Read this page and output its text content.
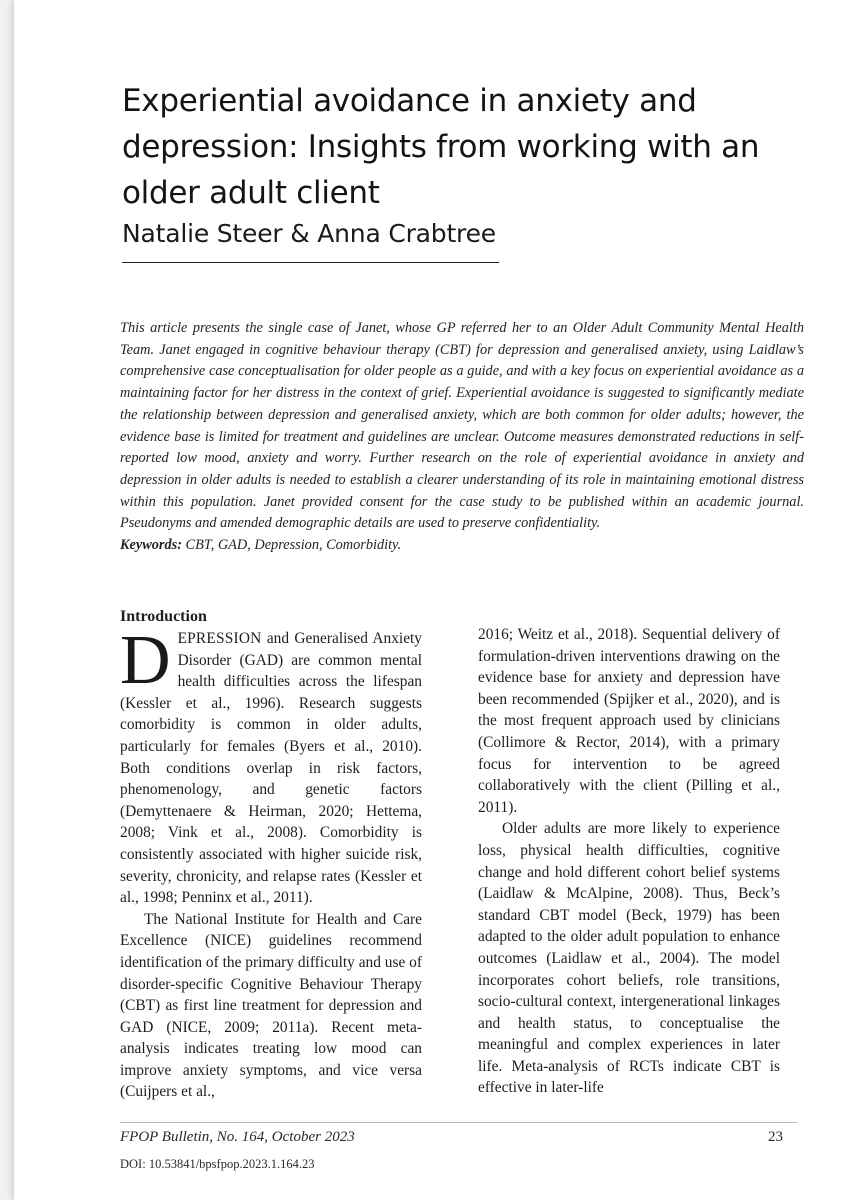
Experiential avoidance in anxiety and depression: Insights from working with an older adult client
Natalie Steer & Anna Crabtree

This article presents the single case of Janet, whose GP referred her to an Older Adult Community Mental Health Team. Janet engaged in cognitive behaviour therapy (CBT) for depression and generalised anxiety, using Laidlaw’s comprehensive case conceptualisation for older people as a guide, and with a key focus on experiential avoidance as a maintaining factor for her distress in the context of grief. Experiential avoidance is suggested to significantly mediate the relationship between depression and generalised anxiety, which are both common for older adults; however, the evidence base is limited for treatment and guidelines are unclear. Outcome measures demonstrated reductions in self-reported low mood, anxiety and worry. Further research on the role of experiential avoidance in anxiety and depression in older adults is needed to establish a clearer understanding of its role in maintaining emotional distress within this population. Janet provided consent for the case study to be published within an academic journal. Pseudonyms and amended demographic details are used to preserve confidentiality.

Keywords: CBT, GAD, Depression, Comorbidity.

Introduction

DEPRESSION and Generalised Anxiety Disorder (GAD) are common mental health difficulties across the lifespan (Kessler et al., 1996). Research suggests comorbidity is common in older adults, particularly for females (Byers et al., 2010). Both conditions overlap in risk factors, phenomenology, and genetic factors (Demyttenaere & Heirman, 2020; Hettema, 2008; Vink et al., 2008). Comorbidity is consistently associated with higher suicide risk, severity, chronicity, and relapse rates (Kessler et al., 1998; Penninx et al., 2011).

The National Institute for Health and Care Excellence (NICE) guidelines recommend identification of the primary difficulty and use of disorder-specific Cognitive Behaviour Therapy (CBT) as first line treatment for depression and GAD (NICE, 2009; 2011a). Recent meta-analysis indicates treating low mood can improve anxiety symptoms, and vice versa (Cuijpers et al.,

2016; Weitz et al., 2018). Sequential delivery of formulation-driven interventions drawing on the evidence base for anxiety and depression have been recommended (Spijker et al., 2020), and is the most frequent approach used by clinicians (Collimore & Rector, 2014), with a primary focus for intervention to be agreed collaboratively with the client (Pilling et al., 2011).

Older adults are more likely to experience loss, physical health difficulties, cognitive change and hold different cohort belief systems (Laidlaw & McAlpine, 2008). Thus, Beck’s standard CBT model (Beck, 1979) has been adapted to the older adult population to enhance outcomes (Laidlaw et al., 2004). The model incorporates cohort beliefs, role transitions, socio-cultural context, intergenerational linkages and health status, to conceptualise the meaningful and complex experiences in later life. Meta-analysis of RCTs indicate CBT is effective in later-life

FPOP Bulletin, No. 164, October 2023	23
DOI: 10.53841/bpsfpop.2023.1.164.23
